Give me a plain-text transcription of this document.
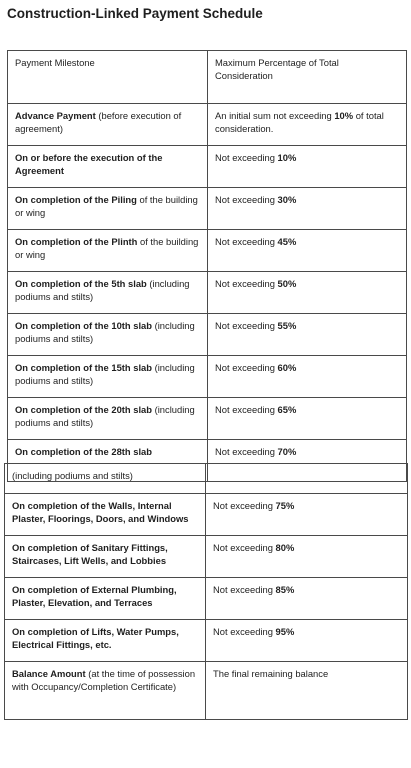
Construction-Linked Payment Schedule
Payment Milestone	Maximum Percentage of Total Consideration
Advance Payment (before execution of agreement)	An initial sum not exceeding 10% of total consideration.
On or before the execution of the Agreement	Not exceeding 10%
On completion of the Piling of the building or wing	Not exceeding 30%
On completion of the Plinth of the building or wing	Not exceeding 45%
On completion of the 5th slab (including podiums and stilts)	Not exceeding 50%
On completion of the 10th slab (including podiums and stilts)	Not exceeding 55%
On completion of the 15th slab (including podiums and stilts)	Not exceeding 60%
On completion of the 20th slab (including podiums and stilts)	Not exceeding 65%
On completion of the 28th slab	Not exceeding 70%
(including podiums and stilts)	
On completion of the Walls, Internal Plaster, Floorings, Doors, and Windows	Not exceeding 75%
On completion of Sanitary Fittings, Staircases, Lift Wells, and Lobbies	Not exceeding 80%
On completion of External Plumbing, Plaster, Elevation, and Terraces	Not exceeding 85%
On completion of Lifts, Water Pumps, Electrical Fittings, etc.	Not exceeding 95%
Balance Amount (at the time of possession with Occupancy/Completion Certificate)	The final remaining balance
